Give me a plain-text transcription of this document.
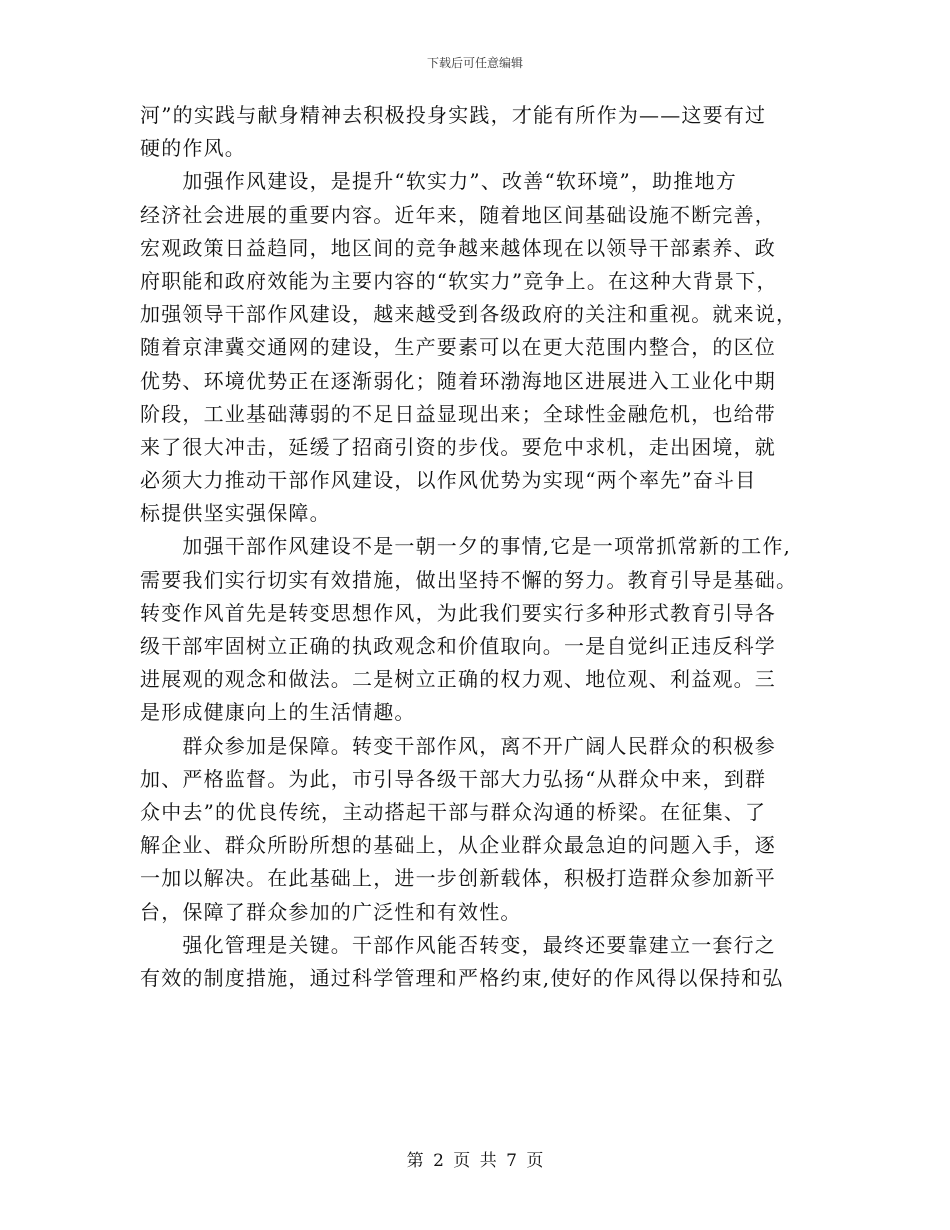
下载后可任意编辑
河”的实践与献身精神去积极投身实践，才能有所作为——这要有过
硬的作风。
　　加强作风建设，是提升“软实力”、改善“软环境”，助推地方
经济社会进展的重要内容。近年来，随着地区间基础设施不断完善，
宏观政策日益趋同，地区间的竞争越来越体现在以领导干部素养、政
府职能和政府效能为主要内容的“软实力”竞争上。在这种大背景下，
加强领导干部作风建设，越来越受到各级政府的关注和重视。就来说，
随着京津冀交通网的建设，生产要素可以在更大范围内整合，的区位
优势、环境优势正在逐渐弱化；随着环渤海地区进展进入工业化中期
阶段，工业基础薄弱的不足日益显现出来；全球性金融危机，也给带
来了很大冲击，延缓了招商引资的步伐。要危中求机，走出困境，就
必须大力推动干部作风建设，以作风优势为实现“两个率先”奋斗目
标提供坚实强保障。
　　加强干部作风建设不是一朝一夕的事情,它是一项常抓常新的工作,
需要我们实行切实有效措施，做出坚持不懈的努力。教育引导是基础。
转变作风首先是转变思想作风，为此我们要实行多种形式教育引导各
级干部牢固树立正确的执政观念和价值取向。一是自觉纠正违反科学
进展观的观念和做法。二是树立正确的权力观、地位观、利益观。三
是形成健康向上的生活情趣。
　　群众参加是保障。转变干部作风，离不开广阔人民群众的积极参
加、严格监督。为此，市引导各级干部大力弘扬“从群众中来，到群
众中去”的优良传统，主动搭起干部与群众沟通的桥梁。在征集、了
解企业、群众所盼所想的基础上，从企业群众最急迫的问题入手，逐
一加以解决。在此基础上，进一步创新载体，积极打造群众参加新平
台，保障了群众参加的广泛性和有效性。
　　强化管理是关键。干部作风能否转变，最终还要靠建立一套行之
有效的制度措施，通过科学管理和严格约束,使好的作风得以保持和弘
第 2 页 共 7 页
